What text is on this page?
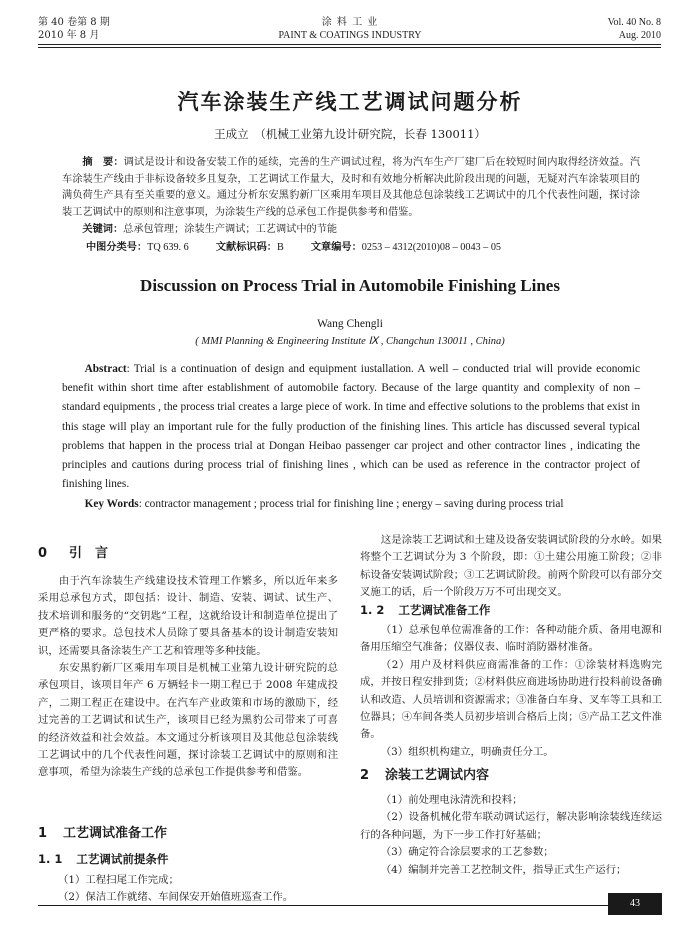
第 40 卷第 8 期
2010 年 8 月
涂 料 工 业
PAINT & COATINGS INDUSTRY
Vol. 40 No. 8
Aug. 2010
汽车涂装生产线工艺调试问题分析
王成立　（机械工业第九设计研究院，长春 130011）
摘　要：调试是设计和设备安装工作的延续，完善的生产调试过程，将为汽车生产厂建厂后在较短时间内取得经济效益。汽车涂装生产线由于非标设备较多且复杂，工艺调试工作量大，及时和有效地分析解决此阶段出现的问题，无疑对汽车涂装项目的满负荷生产具有至关重要的意义。通过分析东安黑豹新厂区乘用车项目及其他总包涂装线工艺调试中的几个代表性问题，探讨涂装工艺调试中的原则和注意事项，为涂装生产线的总承包工作提供参考和借鉴。
关键词：总承包管理；涂装生产调试；工艺调试中的节能
中图分类号：TQ 639. 6	文献标识码：B	文章编号：0253 – 4312(2010)08 – 0043 – 05
Discussion on Process Trial in Automobile Finishing Lines
Wang Chengli
( MMI Planning & Engineering Institute Ⅸ , Changchun 130011 , China)
Abstract: Trial is a continuation of design and equipment iustallation. A well – conducted trial will provide economic benefit within short time after establishment of automobile factory. Because of the large quantity and complexity of non – standard equipments , the process trial creates a large piece of work. In time and effective solutions to the problems that exist in this stage will play an important rule for the fully production of the finishing lines. This article has discussed several typical problems that happen in the process trial at Dongan Heibao passenger car project and other contractor lines , indicating the principles and cautions during process trial of finishing lines , which can be used as reference in the contractor project of finishing lines.
Key Words: contractor management ; process trial for finishing line ; energy – saving during process trial
0 引　言

由于汽车涂装生产线建设技术管理工作繁多，所以近年来多采用总承包方式，即包括：设计、制造、安装、调试、试生产、技术培训和服务的“交钥匙”工程，这就给设计和制造单位提出了更严格的要求。总包技术人员除了要具备基本的设计制造安装知识，还需要具备涂装生产工艺和管理等多种技能。

东安黑豹新厂区乘用车项目是机械工业第九设计研究院的总承包项目，该项目年产 6 万辆轻卡一期工程已于 2008 年建成投产，二期工程正在建设中。在汽车产业政策和市场的激励下，经过完善的工艺调试和试生产，该项目已经为黑豹公司带来了可喜的经济效益和社会效益。本文通过分析该项目及其他总包涂装线工艺调试中的几个代表性问题，探讨涂装工艺调试中的原则和注意事项，希望为涂装生产线的总承包工作提供参考和借鉴。

1 工艺调试准备工作
1. 1 工艺调试前提条件
（1）工程扫尾工作完成；
（2）保洁工作就绪、车间保安开始值班巡查工作。

这是涂装工艺调试和土建及设备安装调试阶段的分水岭。如果将整个工艺调试分为 3 个阶段，即：①土建公用施工阶段；②非标设备安装调试阶段；③工艺调试阶段。前两个阶段可以有部分交叉施工的话，后一个阶段万万不可出现交叉。

1. 2 工艺调试准备工作

（1）总承包单位需准备的工作：各种动能介质、备用电源和备用压缩空气准备；仪器仪表、临时消防器材准备。

（2）用户及材料供应商需准备的工作：①涂装材料选购完成，并按日程安排到货；②材料供应商进场协助进行投料前设备确认和改造、人员培训和资源需求；③准备白车身、叉车等工具和工位器具；④车间各类人员初步培训合格后上岗；⑤产品工艺文件准备。

（3）组织机构建立，明确责任分工。

2 涂装工艺调试内容

（1）前处理电泳清洗和投料；

（2）设备机械化带车联动调试运行，解决影响涂装线连续运行的各种问题，为下一步工作打好基础；

（3）确定符合涂层要求的工艺参数；

（4）编制并完善工艺控制文件，指导正式生产运行；

43
